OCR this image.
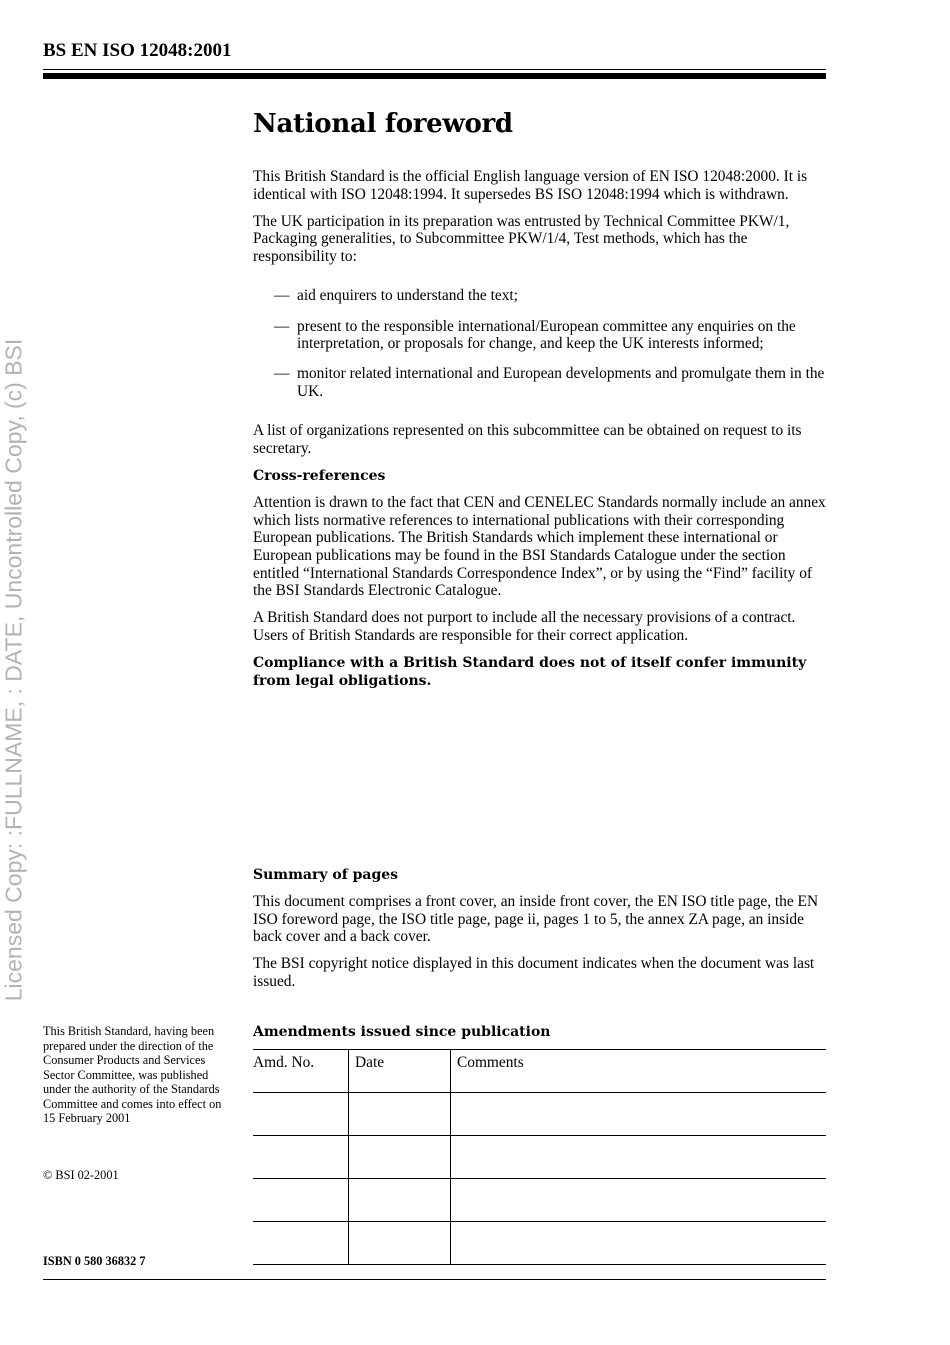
BS EN ISO 12048:2001
Licensed Copy: :FULLNAME, : DATE, Uncontrolled Copy, (c) BSI
National foreword

This British Standard is the official English language version of EN ISO 12048:2000. It is identical with ISO 12048:1994. It supersedes BS ISO 12048:1994 which is withdrawn.

The UK participation in its preparation was entrusted by Technical Committee PKW/1, Packaging generalities, to Subcommittee PKW/1/4, Test methods, which has the responsibility to:

— aid enquirers to understand the text;
— present to the responsible international/European committee any enquiries on the interpretation, or proposals for change, and keep the UK interests informed;
— monitor related international and European developments and promulgate them in the UK.

A list of organizations represented on this subcommittee can be obtained on request to its secretary.

Cross-references

Attention is drawn to the fact that CEN and CENELEC Standards normally include an annex which lists normative references to international publications with their corresponding European publications. The British Standards which implement these international or European publications may be found in the BSI Standards Catalogue under the section entitled “International Standards Correspondence Index”, or by using the “Find” facility of the BSI Standards Electronic Catalogue.

A British Standard does not purport to include all the necessary provisions of a contract. Users of British Standards are responsible for their correct application.

Compliance with a British Standard does not of itself confer immunity from legal obligations.

Summary of pages

This document comprises a front cover, an inside front cover, the EN ISO title page, the EN ISO foreword page, the ISO title page, page ii, pages 1 to 5, the annex ZA page, an inside back cover and a back cover.

The BSI copyright notice displayed in this document indicates when the document was last issued.

This British Standard, having been prepared under the direction of the Consumer Products and Services Sector Committee, was published under the authority of the Standards Committee and comes into effect on 15 February 2001
© BSI 02-2001
ISBN 0 580 36832 7
Amendments issued since publication
Amd. No.	Date	Comments
